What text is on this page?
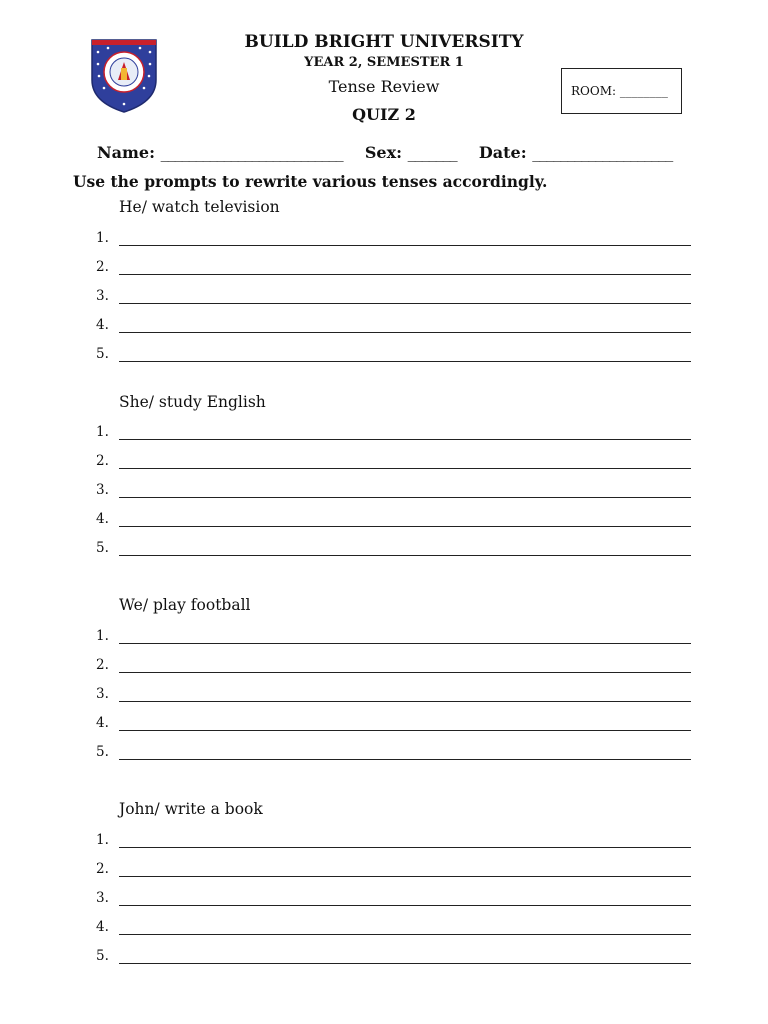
BUILD BRIGHT UNIVERSITY
YEAR 2, SEMESTER 1
Tense Review
QUIZ 2
ROOM: ________
Name: __________________________ Sex: _______ Date: ____________________
Use the prompts to rewrite various tenses accordingly.
He/ watch television
1.
2.
3.
4.
5.
She/ study English
1.
2.
3.
4.
5.
We/ play football
1.
2.
3.
4.
5.
John/ write a book
1.
2.
3.
4.
5.
